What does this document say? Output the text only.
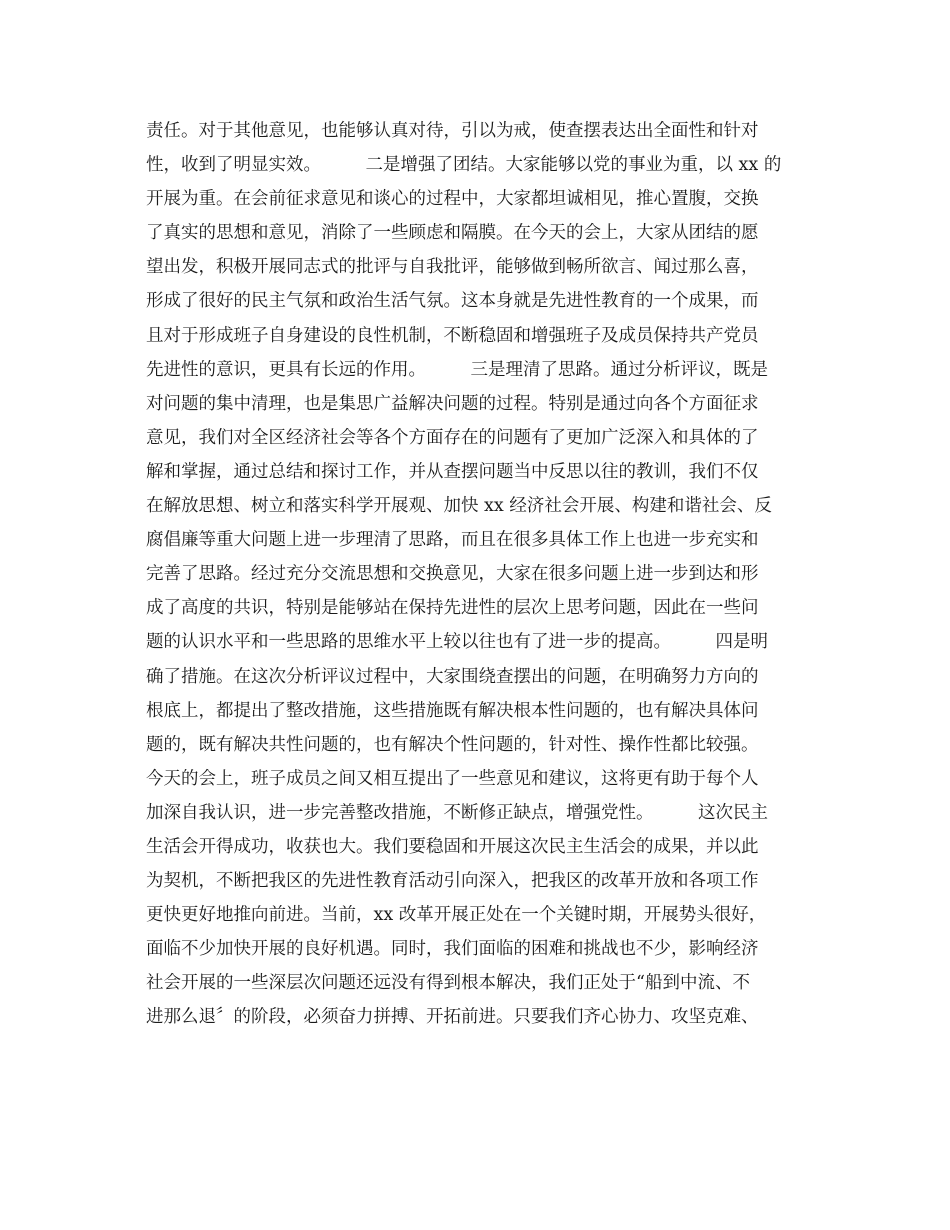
责任。对于其他意见，也能够认真对待，引以为戒，使查摆表达出全面性和针对
性，收到了明显实效。        二是增强了团结。大家能够以党的事业为重，以 xx 的
开展为重。在会前征求意见和谈心的过程中，大家都坦诚相见，推心置腹，交换
了真实的思想和意见，消除了一些顾虑和隔膜。在今天的会上，大家从团结的愿
望出发，积极开展同志式的批评与自我批评，能够做到畅所欲言、闻过那么喜，
形成了很好的民主气氛和政治生活气氛。这本身就是先进性教育的一个成果，而
且对于形成班子自身建设的良性机制，不断稳固和增强班子及成员保持共产党员
先进性的意识，更具有长远的作用。        三是理清了思路。通过分析评议，既是
对问题的集中清理，也是集思广益解决问题的过程。特别是通过向各个方面征求
意见，我们对全区经济社会等各个方面存在的问题有了更加广泛深入和具体的了
解和掌握，通过总结和探讨工作，并从查摆问题当中反思以往的教训，我们不仅
在解放思想、树立和落实科学开展观、加快 xx 经济社会开展、构建和谐社会、反
腐倡廉等重大问题上进一步理清了思路，而且在很多具体工作上也进一步充实和
完善了思路。经过充分交流思想和交换意见，大家在很多问题上进一步到达和形
成了高度的共识，特别是能够站在保持先进性的层次上思考问题，因此在一些问
题的认识水平和一些思路的思维水平上较以往也有了进一步的提高。        四是明
确了措施。在这次分析评议过程中，大家围绕查摆出的问题，在明确努力方向的
根底上，都提出了整改措施，这些措施既有解决根本性问题的，也有解决具体问
题的，既有解决共性问题的，也有解决个性问题的，针对性、操作性都比较强。
今天的会上，班子成员之间又相互提出了一些意见和建议，这将更有助于每个人
加深自我认识，进一步完善整改措施，不断修正缺点，增强党性。        这次民主
生活会开得成功，收获也大。我们要稳固和开展这次民主生活会的成果，并以此
为契机，不断把我区的先进性教育活动引向深入，把我区的改革开放和各项工作
更快更好地推向前进。当前，xx 改革开展正处在一个关键时期，开展势头很好，
面临不少加快开展的良好机遇。同时，我们面临的困难和挑战也不少，影响经济
社会开展的一些深层次问题还远没有得到根本解决，我们正处于“船到中流、不
进那么退〞的阶段，必须奋力拼搏、开拓前进。只要我们齐心协力、攻坚克难、
